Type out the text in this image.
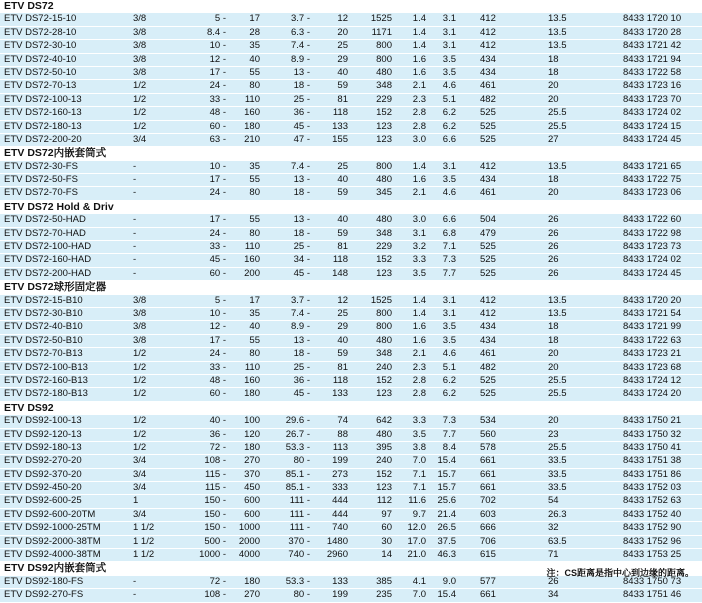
ETV DS72
ETV DS72-15-10	3/8	5 -	17	3.7 -	12	1525	1.4	3.1	412	13.5	8433 1720 10
ETV DS72-28-10	3/8	8.4 -	28	6.3 -	20	1171	1.4	3.1	412	13.5	8433 1720 28
ETV DS72-30-10	3/8	10 -	35	7.4 -	25	800	1.4	3.1	412	13.5	8433 1721 42
ETV DS72-40-10	3/8	12 -	40	8.9 -	29	800	1.6	3.5	434	18	8433 1721 94
ETV DS72-50-10	3/8	17 -	55	13 -	40	480	1.6	3.5	434	18	8433 1722 58
ETV DS72-70-13	1/2	24 -	80	18 -	59	348	2.1	4.6	461	20	8433 1723 16
ETV DS72-100-13	1/2	33 -	110	25 -	81	229	2.3	5.1	482	20	8433 1723 70
ETV DS72-160-13	1/2	48 -	160	36 -	118	152	2.8	6.2	525	25.5	8433 1724 02
ETV DS72-180-13	1/2	60 -	180	45 -	133	123	2.8	6.2	525	25.5	8433 1724 15
ETV DS72-200-20	3/4	63 -	210	47 -	155	123	3.0	6.6	525	27	8433 1724 45
ETV DS72内嵌套筒式
ETV DS72-30-FS	-	10 -	35	7.4 -	25	800	1.4	3.1	412	13.5	8433 1721 65
ETV DS72-50-FS	-	17 -	55	13 -	40	480	1.6	3.5	434	18	8433 1722 75
ETV DS72-70-FS	-	24 -	80	18 -	59	345	2.1	4.6	461	20	8433 1723 06
ETV DS72 Hold & Driv
ETV DS72-50-HAD	-	17 -	55	13 -	40	480	3.0	6.6	504	26	8433 1722 60
ETV DS72-70-HAD	-	24 -	80	18 -	59	348	3.1	6.8	479	26	8433 1722 98
ETV DS72-100-HAD	-	33 -	110	25 -	81	229	3.2	7.1	525	26	8433 1723 73
ETV DS72-160-HAD	-	45 -	160	34 -	118	152	3.3	7.3	525	26	8433 1724 02
ETV DS72-200-HAD	-	60 -	200	45 -	148	123	3.5	7.7	525	26	8433 1724 45
ETV DS72球形固定器
ETV DS72-15-B10	3/8	5 -	17	3.7 -	12	1525	1.4	3.1	412	13.5	8433 1720 20
ETV DS72-30-B10	3/8	10 -	35	7.4 -	25	800	1.4	3.1	412	13.5	8433 1721 54
ETV DS72-40-B10	3/8	12 -	40	8.9 -	29	800	1.6	3.5	434	18	8433 1721 99
ETV DS72-50-B10	3/8	17 -	55	13 -	40	480	1.6	3.5	434	18	8433 1722 63
ETV DS72-70-B13	1/2	24 -	80	18 -	59	348	2.1	4.6	461	20	8433 1723 21
ETV DS72-100-B13	1/2	33 -	110	25 -	81	240	2.3	5.1	482	20	8433 1723 68
ETV DS72-160-B13	1/2	48 -	160	36 -	118	152	2.8	6.2	525	25.5	8433 1724 12
ETV DS72-180-B13	1/2	60 -	180	45 -	133	123	2.8	6.2	525	25.5	8433 1724 20
ETV DS92
ETV DS92-100-13	1/2	40 -	100	29.6 -	74	642	3.3	7.3	534	20	8433 1750 21
ETV DS92-120-13	1/2	36 -	120	26.7 -	88	480	3.5	7.7	560	23	8433 1750 32
ETV DS92-180-13	1/2	72 -	180	53.3 -	113	395	3.8	8.4	578	25.5	8433 1750 41
ETV DS92-270-20	3/4	108 -	270	80 -	199	240	7.0	15.4	661	33.5	8433 1751 38
ETV DS92-370-20	3/4	115 -	370	85.1 -	273	152	7.1	15.7	661	33.5	8433 1751 86
ETV DS92-450-20	3/4	115 -	450	85.1 -	333	123	7.1	15.7	661	33.5	8433 1752 03
ETV DS92-600-25	1	150 -	600	111 -	444	112	11.6	25.6	702	54	8433 1752 63
ETV DS92-600-20TM	3/4	150 -	600	111 -	444	97	9.7	21.4	603	26.3	8433 1752 40
ETV DS92-1000-25TM	1 1/2	150 -	1000	111 -	740	60	12.0	26.5	666	32	8433 1752 90
ETV DS92-2000-38TM	1 1/2	500 -	2000	370 -	1480	30	17.0	37.5	706	63.5	8433 1752 96
ETV DS92-4000-38TM	1 1/2	1000 -	4000	740 -	2960	14	21.0	46.3	615	71	8433 1753 25
ETV DS92内嵌套筒式
ETV DS92-180-FS	-	72 -	180	53.3 -	133	385	4.1	9.0	577	26	8433 1750 73
ETV DS92-270-FS	-	108 -	270	80 -	199	235	7.0	15.4	661	34	8433 1751 46
注：CS距离是指中心到边缘的距离。
